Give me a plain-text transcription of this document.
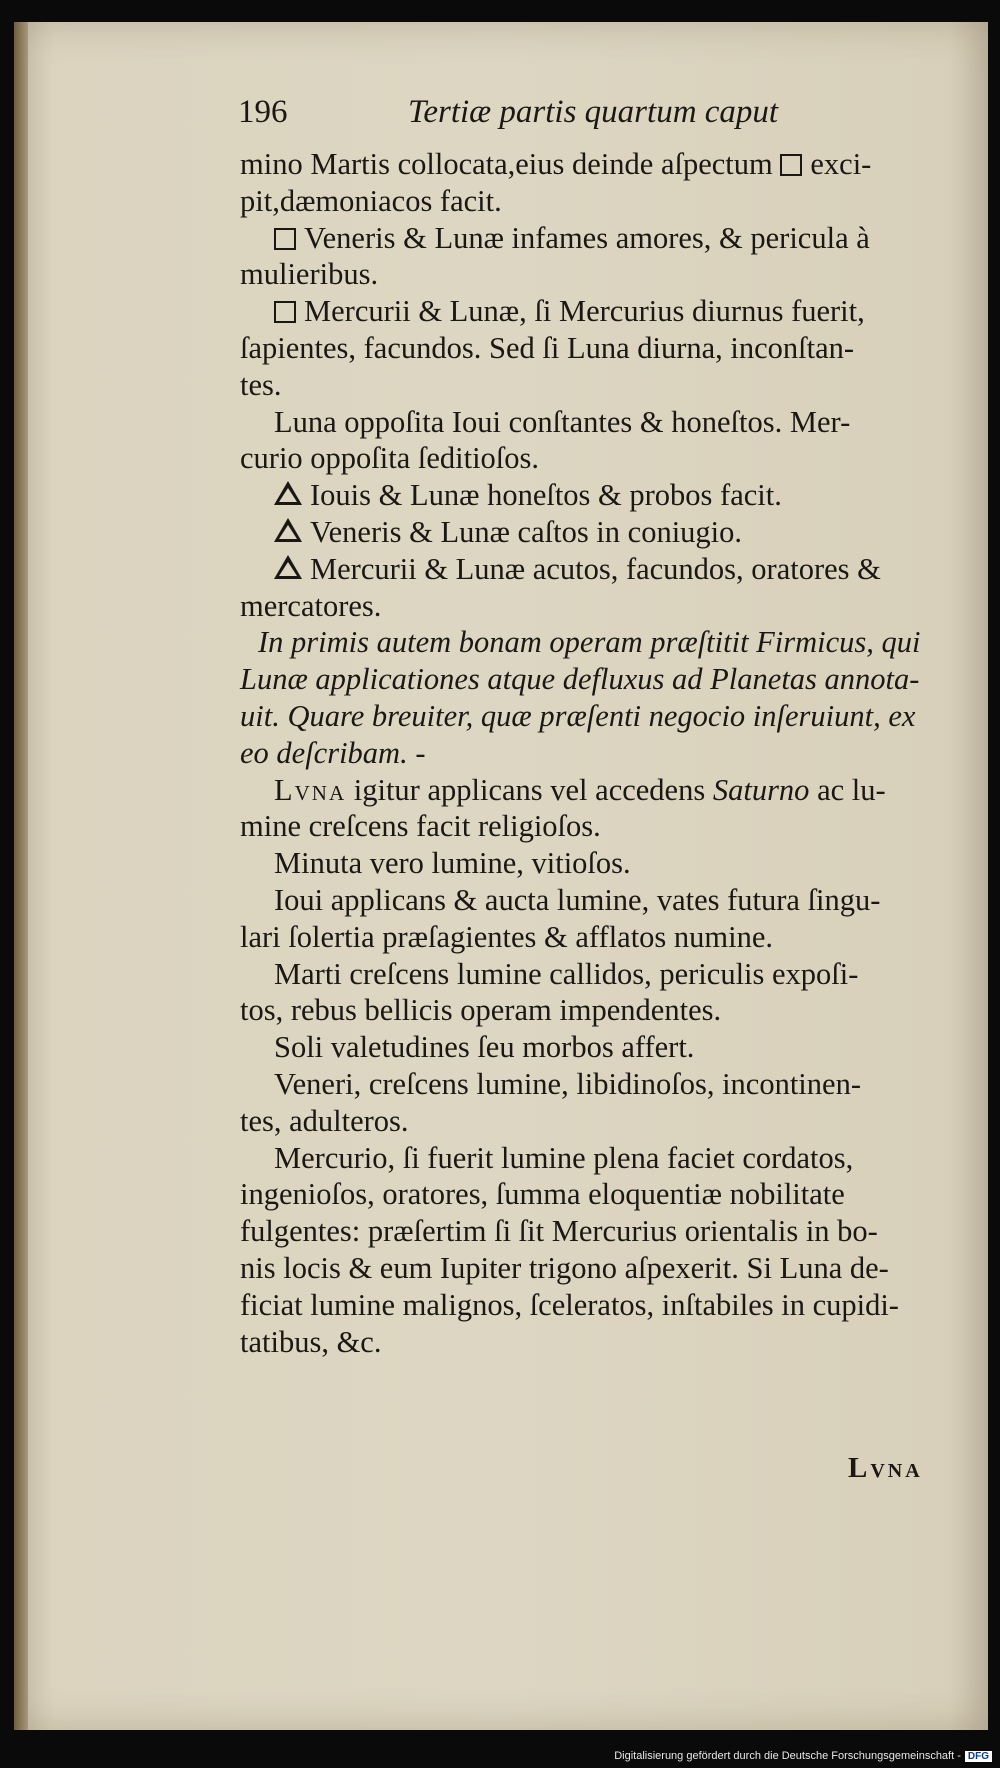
196	Tertiæ partis quartum caput

mino Martis collocata,eius deinde aſpectum exci-

pit,dæmoniacos facit.

Veneris & Lunæ infames amores, & pericula à

mulieribus.

Mercurii & Lunæ, ſi Mercurius diurnus fuerit,

ſapientes, facundos. Sed ſi Luna diurna, inconſtan-

tes.

Luna oppoſita Ioui conſtantes & honeſtos. Mer-

curio oppoſita ſeditioſos.

Iouis & Lunæ honeſtos & probos facit.

Veneris & Lunæ caſtos in coniugio.

Mercurii & Lunæ acutos, facundos, oratores &

mercatores.

In primis autem bonam operam præſtitit Firmicus, qui

Lunæ applicationes atque defluxus ad Planetas annota-

uit. Quare breuiter, quæ præſenti negocio inſeruiunt, ex

eo deſcribam. -

Lvna igitur applicans vel accedens Saturno ac lu-

mine creſcens facit religioſos.

Minuta vero lumine, vitioſos.

Ioui applicans & aucta lumine, vates futura ſingu-

lari ſolertia præſagientes & afflatos numine.

Marti creſcens lumine callidos, periculis expoſi-

tos, rebus bellicis operam impendentes.

Soli valetudines ſeu morbos affert.

Veneri, creſcens lumine, libidinoſos, incontinen-

tes, adulteros.

Mercurio, ſi fuerit lumine plena faciet cordatos,

ingenioſos, oratores, ſumma eloquentiæ nobilitate

fulgentes: præſertim ſi ſit Mercurius orientalis in bo-

nis locis & eum Iupiter trigono aſpexerit. Si Luna de-

ficiat lumine malignos, ſceleratos, inſtabiles in cupidi-

tatibus, &c.

Lvna
Digitalisierung gefördert durch die Deutsche Forschungsgemeinschaft - DFG
